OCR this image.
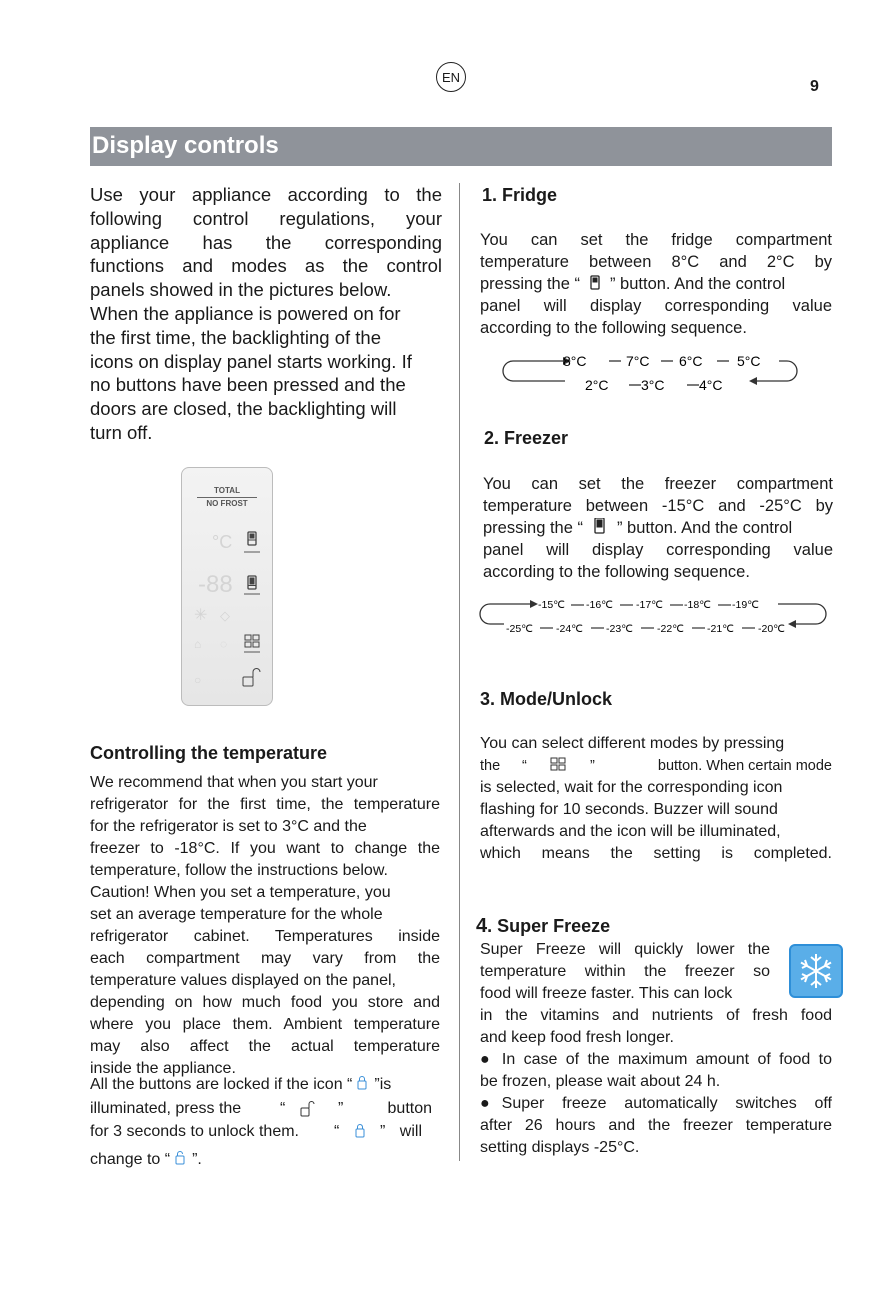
EN
9
Display controls
Use your appliance according to the
following control regulations, your
appliance has the corresponding
functions and modes as the control
panels showed in the pictures below.
When the appliance is powered on for
the first time, the backlighting of the
icons on display panel starts working. If
no buttons have been pressed and the
doors are closed, the backlighting will
turn off.
TOTAL
NO FROST
°C
-88
✳ ◇
⌂ ◌
○
Controlling the temperature
We recommend that when you start your
refrigerator for the first time, the temperature
for the refrigerator is set to 3°C and the
freezer to -18°C. If you want to change the
temperature, follow the instructions below.
Caution! When you set a temperature, you
set an average temperature for the whole
refrigerator cabinet. Temperatures inside
each compartment may vary from the
temperature values displayed on the panel,
depending on how much food you store and
where you place them. Ambient temperature
may also affect the actual temperature
inside the appliance.
All the buttons are locked if the icon “ ”is
illuminated, press the “	”	button
for 3 seconds to unlock them. “	” will
change to “ ”.
1. Fridge
You can set the fridge compartment
temperature between 8°C and 2°C by
pressing the “ ” button. And the control
panel will display corresponding value
according to the following sequence.
8°C	7°C 6°C 5°C
2°C 3°C 4°C
2. Freezer
You can set the freezer compartment
temperature between -15°C and -25°C by
pressing the “ ” button. And the control
panel will display corresponding value
according to the following sequence.
-15℃ -16℃ -17℃ -18℃ -19℃
-25℃ -24℃ -23℃ -22℃ -21℃ -20℃
3. Mode/Unlock
You can select different modes by pressing
the “	”	button. When certain mode
is selected, wait for the corresponding icon
flashing for 10 seconds. Buzzer will sound
afterwards and the icon will be illuminated,
which means the setting is completed.
4. Super Freeze
Super Freeze will quickly lower the
temperature within the freezer so
food will freeze faster. This can lock
in the vitamins and nutrients of fresh food
and keep food fresh longer.
● In case of the maximum amount of food to
be frozen, please wait about 24 h.
● Super freeze automatically switches off
after 26 hours and the freezer temperature
setting displays -25°C.
